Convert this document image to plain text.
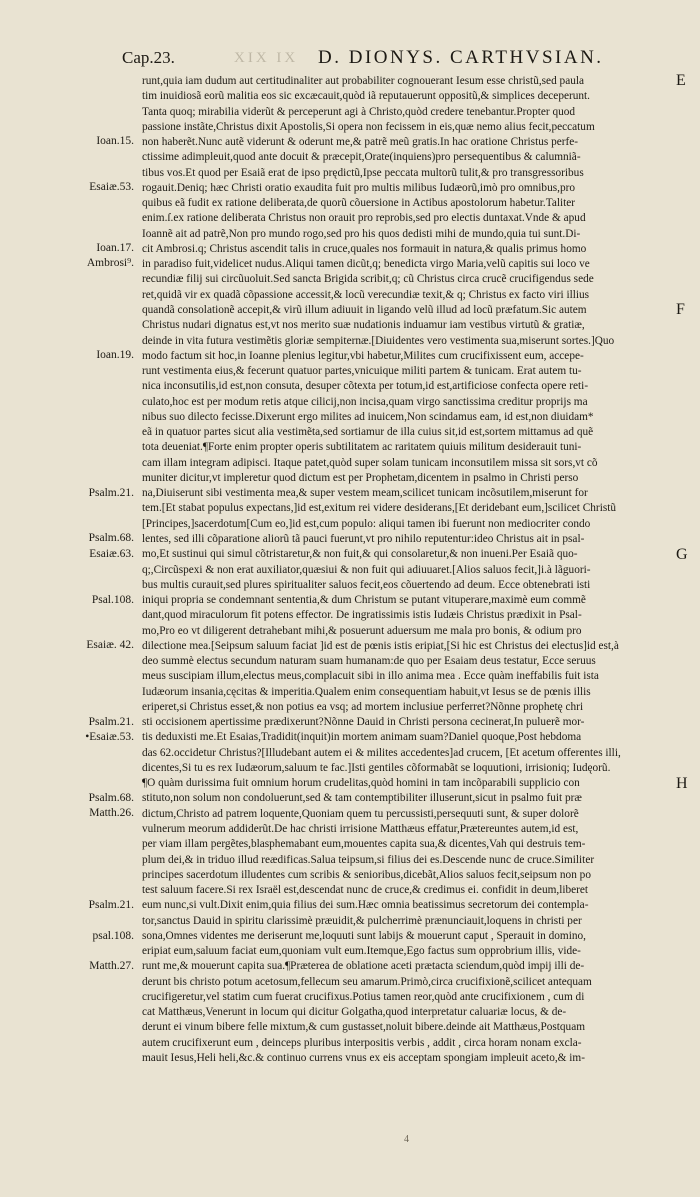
Cap.23.	XIX IX D. DIONYS. CARTHVSIAN.
Ioan.15.
Esaiæ.53.
Ioan.17.
Ambrosi⁹.
Ioan.19.
Psalm.21.
Psalm.68.
Esaiæ.63.
Psal.108.
Esaiæ. 42.
Psalm.21.
•Esaiæ.53.
Psalm.68.
Matth.26.
Psalm.21.
psal.108.
Matth.27.
runt,quia iam dudum aut certitudinaliter aut probabiliter cognouerant Iesum esse christũ,sed paula
tim inuidiosã eorũ malitia eos sic excæcauit,quòd iã reputauerunt oppositũ,& simplices deceperunt.
Tanta quoq; mirabilia viderũt & perceperunt agi à Christo,quòd credere tenebantur.Propter quod
passione instãte,Christus dixit Apostolis,Si opera non fecissem in eis,quæ nemo alius fecit,peccatum
non haberẽt.Nunc autẽ viderunt & oderunt me,& patrẽ meũ gratis.In hac oratione Christus perfe-
ctissime adimpleuit,quod ante docuit & præcepit,Orate(inquiens)pro persequentibus & calumniã-
tibus vos.Et quod per Esaiã erat de ipso prędictũ,Ipse peccata multorũ tulit,& pro transgressoribus
rogauit.Deniq; hæc Christi oratio exaudita fuit pro multis milibus Iudæorũ,imò pro omnibus,pro
quibus eã fudit ex ratione deliberata,de quorũ cõuersione in Actibus apostolorum habetur.Taliter
enim.ſ.ex ratione deliberata Christus non orauit pro reprobis,sed pro electis duntaxat.Vnde & apud
Ioannẽ ait ad patrẽ,Non pro mundo rogo,sed pro his quos dedisti mihi de mundo,quia tui sunt.Di-
cit Ambrosi.q; Christus ascendit talis in cruce,quales nos formauit in natura,& qualis primus homo
in paradiso fuit,videlicet nudus.Aliqui tamen dicũt,q; benedicta virgo Maria,velũ capitis sui loco ve
recundiæ filij sui circũuoluit.Sed sancta Brigida scribit,q; cũ Christus circa crucẽ crucifigendus sede
ret,quidã vir ex quadã cõpassione accessit,& locũ verecundiæ texit,& q; Christus ex facto viri illius
quandã consolationẽ accepit,& virũ illum adiuuit in ligando velũ illud ad locũ præfatum.Sic autem
Christus nudari dignatus est,vt nos merito suæ nudationis induamur iam vestibus virtutũ & gratiæ,
deinde in vita futura vestimẽtis gloriæ sempiternæ.[Diuidentes vero vestimenta sua,miserunt sortes.]Quo
modo factum sit hoc,in Ioanne plenius legitur,vbi habetur,Milites cum crucifixissent eum, accepe-
runt vestimenta eius,& fecerunt quatuor partes,vnicuique militi partem & tunicam. Erat autem tu-
nica inconsutilis,id est,non consuta, desuper cõtexta per totum,id est,artificiose confecta opere reti-
culato,hoc est per modum retis atque cilicij,non incisa,quam virgo sanctissima creditur proprijs ma
nibus suo dilecto fecisse.Dixerunt ergo milites ad inuicem,Non scindamus eam, id est,non diuidam*
eã in quatuor partes sicut alia vestimẽta,sed sortiamur de illa cuius sit,id est,sortem mittamus ad quẽ
tota deueniat.¶Forte enim propter operis subtilitatem ac raritatem quiuis militum desiderauit tuni-
cam illam integram adipisci. Itaque patet,quòd super solam tunicam inconsutilem missa sit sors,vt cõ
muniter dicitur,vt impleretur quod dictum est per Prophetam,dicentem in psalmo in Christi perso
na,Diuiserunt sibi vestimenta mea,& super vestem meam,scilicet tunicam incõsutilem,miserunt for
tem.[Et stabat populus expectans,]id est,exitum rei videre desiderans,[Et deridebant eum,]scilicet Christũ
[Principes,]sacerdotum[Cum eo,]id est,cum populo: aliqui tamen ibi fuerunt non mediocriter condo
lentes, sed illi cõparatione aliorũ tã pauci fuerunt,vt pro nihilo reputentur:ideo Christus ait in psal-
mo,Et sustinui qui simul cõtristaretur,& non fuit,& qui consolaretur,& non inueni.Per Esaiã quo-
q;,Circũspexi & non erat auxiliator,quæsiui & non fuit qui adiuuaret.[Alios saluos fecit,]i.à lãguori-
bus multis curauit,sed plures spiritualiter saluos fecit,eos cõuertendo ad deum. Ecce obtenebrati isti
iniqui propria se condemnant sententia,& dum Christum se putant vituperare,maximè eum commẽ
dant,quod miraculorum fit potens effector. De ingratissimis istis Iudæis Christus prædixit in Psal-
mo,Pro eo vt diligerent detrahebant mihi,& posuerunt aduersum me mala pro bonis, & odium pro
dilectione mea.[Seipsum saluum faciat ]id est de pœnis istis eripiat,[Si hic est Christus dei electus]id est,à
deo summè electus secundum naturam suam humanam:de quo per Esaiam deus testatur, Ecce seruus
meus suscipiam illum,electus meus,complacuit sibi in illo anima mea . Ecce quàm ineffabilis fuit ista
Iudæorum insania,cęcitas & imperitia.Qualem enim consequentiam habuit,vt Iesus se de pœnis illis
eriperet,si Christus esset,& non potius ea vsq; ad mortem inclusiue perferret?Nõnne prophetę chri
sti occisionem apertissime prædixerunt?Nõnne Dauid in Christi persona cecinerat,In puluerẽ mor-
tis deduxisti me.Et Esaias,Tradidit(inquit)in mortem animam suam?Daniel quoque,Post hebdoma
das 62.occidetur Christus?[Illudebant autem ei & milites accedentes]ad crucem, [Et acetum offerentes illi,
dicentes,Si tu es rex Iudæorum,saluum te fac.]Isti gentiles cõformabãt se loquutioni, irrisioniq; Iudęorũ.
¶O quàm durissima fuit omnium horum crudelitas,quòd homini in tam incõparabili supplicio con
stituto,non solum non condoluerunt,sed & tam contemptibiliter illuserunt,sicut in psalmo fuit præ
dictum,Christo ad patrem loquente,Quoniam quem tu percussisti,persequuti sunt, & super dolorẽ
vulnerum meorum addiderũt.De hac christi irrisione Matthæus effatur,Prætereuntes autem,id est,
per viam illam pergẽtes,blasphemabant eum,mouentes capita sua,& dicentes,Vah qui destruis tem-
plum dei,& in triduo illud reædificas.Salua teipsum,si filius dei es.Descende nunc de cruce.Similiter
principes sacerdotum illudentes cum scribis & senioribus,dicebãt,Alios saluos fecit,seipsum non po
test saluum facere.Si rex Israël est,descendat nunc de cruce,& credimus ei. confidit in deum,liberet
eum nunc,si vult.Dixit enim,quia filius dei sum.Hæc omnia beatissimus secretorum dei contempla-
tor,sanctus Dauid in spiritu clarissimè præuidit,& pulcherrimè prænunciauit,loquens in christi per
sona,Omnes videntes me deriserunt me,loquuti sunt labijs & mouerunt caput , Sperauit in domino,
eripiat eum,saluum faciat eum,quoniam vult eum.Itemque,Ego factus sum opprobrium illis, vide-
runt me,& mouerunt capita sua.¶Præterea de oblatione aceti prætacta sciendum,quòd impij illi de-
derunt bis christo potum acetosum,fellecum seu amarum.Primò,circa crucifixionẽ,scilicet antequam
crucifigeretur,vel statim cum fuerat crucifixus.Potius tamen reor,quòd ante crucifixionem , cum di
cat Matthæus,Venerunt in locum qui dicitur Golgatha,quod interpretatur caluariæ locus, & de-
derunt ei vinum bibere felle mixtum,& cum gustasset,noluit bibere.deinde ait Matthæus,Postquam
autem crucifixerunt eum , deinceps pluribus interpositis verbis , addit , circa horam nonam excla-
mauit Iesus,Heli heli,&c.& continuo currens vnus ex eis acceptam spongiam impleuit aceto,& im-
E
F
G
H
4
